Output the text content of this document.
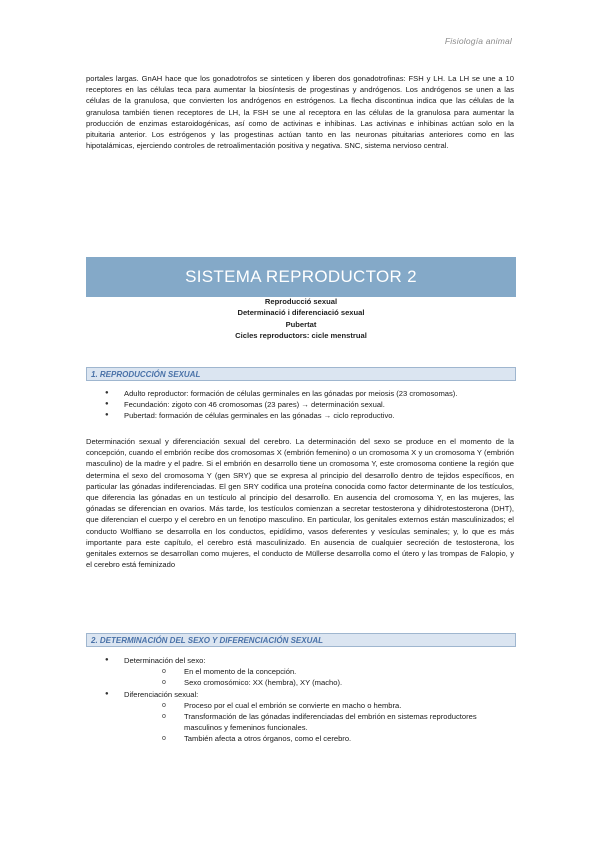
Fisiología animal

portales largas. GnAH hace que los gonadotrofos se sinteticen y liberen dos gonadotrofinas: FSH y LH. La LH se une a 10 receptores en las células teca para aumentar la biosíntesis de progestinas y andrógenos. Los andrógenos se unen a las células de la granulosa, que convierten los andrógenos en estrógenos. La flecha discontinua indica que las células de la granulosa también tienen receptores de LH, la FSH se une al receptora en las células de la granulosa para aumentar la producción de enzimas estaroidogénicas, así como de activinas e inhibinas. Las activinas e inhibinas actúan solo en la pituitaria anterior. Los estrógenos y las progestinas actúan tanto en las neuronas pituitarias anteriores como en las hipotalámicas, ejerciendo controles de retroalimentación positiva y negativa. SNC, sistema nervioso central.

SISTEMA REPRODUCTOR 2
Reproducció sexual
Determinació i diferenciació sexual
Pubertat
Cicles reproductors: cicle menstrual
1. REPRODUCCIÓN SEXUAL
● Adulto reproductor: formación de células germinales en las gónadas por meiosis (23 cromosomas).
● Fecundación: zigoto con 46 cromosomas (23 pares) → determinación sexual.
● Pubertad: formación de células germinales en las gónadas → ciclo reproductivo.

Determinación sexual y diferenciación sexual del cerebro. La determinación del sexo se produce en el momento de la concepción, cuando el embrión recibe dos cromosomas X (embrión femenino) o un cromosoma X y un cromosoma Y (embrión masculino) de la madre y el padre. Si el embrión en desarrollo tiene un cromosoma Y, este cromosoma contiene la región que determina el sexo del cromosoma Y (gen SRY) que se expresa al principio del desarrollo dentro de tejidos específicos, en particular las gónadas indiferenciadas. El gen SRY codifica una proteína conocida como factor determinante de los testículos, que diferencia las gónadas en un testículo al principio del desarrollo. En ausencia del cromosoma Y, en las mujeres, las gónadas se diferencian en ovarios. Más tarde, los testículos comienzan a secretar testosterona y dihidrotestosterona (DHT), que diferencian el cuerpo y el cerebro en un fenotipo masculino. En particular, los genitales externos están masculinizados; el conducto Wolffiano se desarrolla en los conductos, epidídimo, vasos deferentes y vesículas seminales; y, lo que es más importante para este capítulo, el cerebro está masculinizado. En ausencia de cualquier secreción de testosterona, los genitales externos se desarrollan como mujeres, el conducto de Müllerse desarrolla como el útero y las trompas de Falopio, y el cerebro está feminizado

2. DETERMINACIÓN DEL SEXO Y DIFERENCIACIÓN SEXUAL
● Determinación del sexo:
o En el momento de la concepción.
o Sexo cromosómico: XX (hembra), XY (macho).
● Diferenciación sexual:
o Proceso por el cual el embrión se convierte en macho o hembra.
o Transformación de las gónadas indiferenciadas del embrión en sistemas reproductores masculinos y femeninos funcionales.
o También afecta a otros órganos, como el cerebro.
